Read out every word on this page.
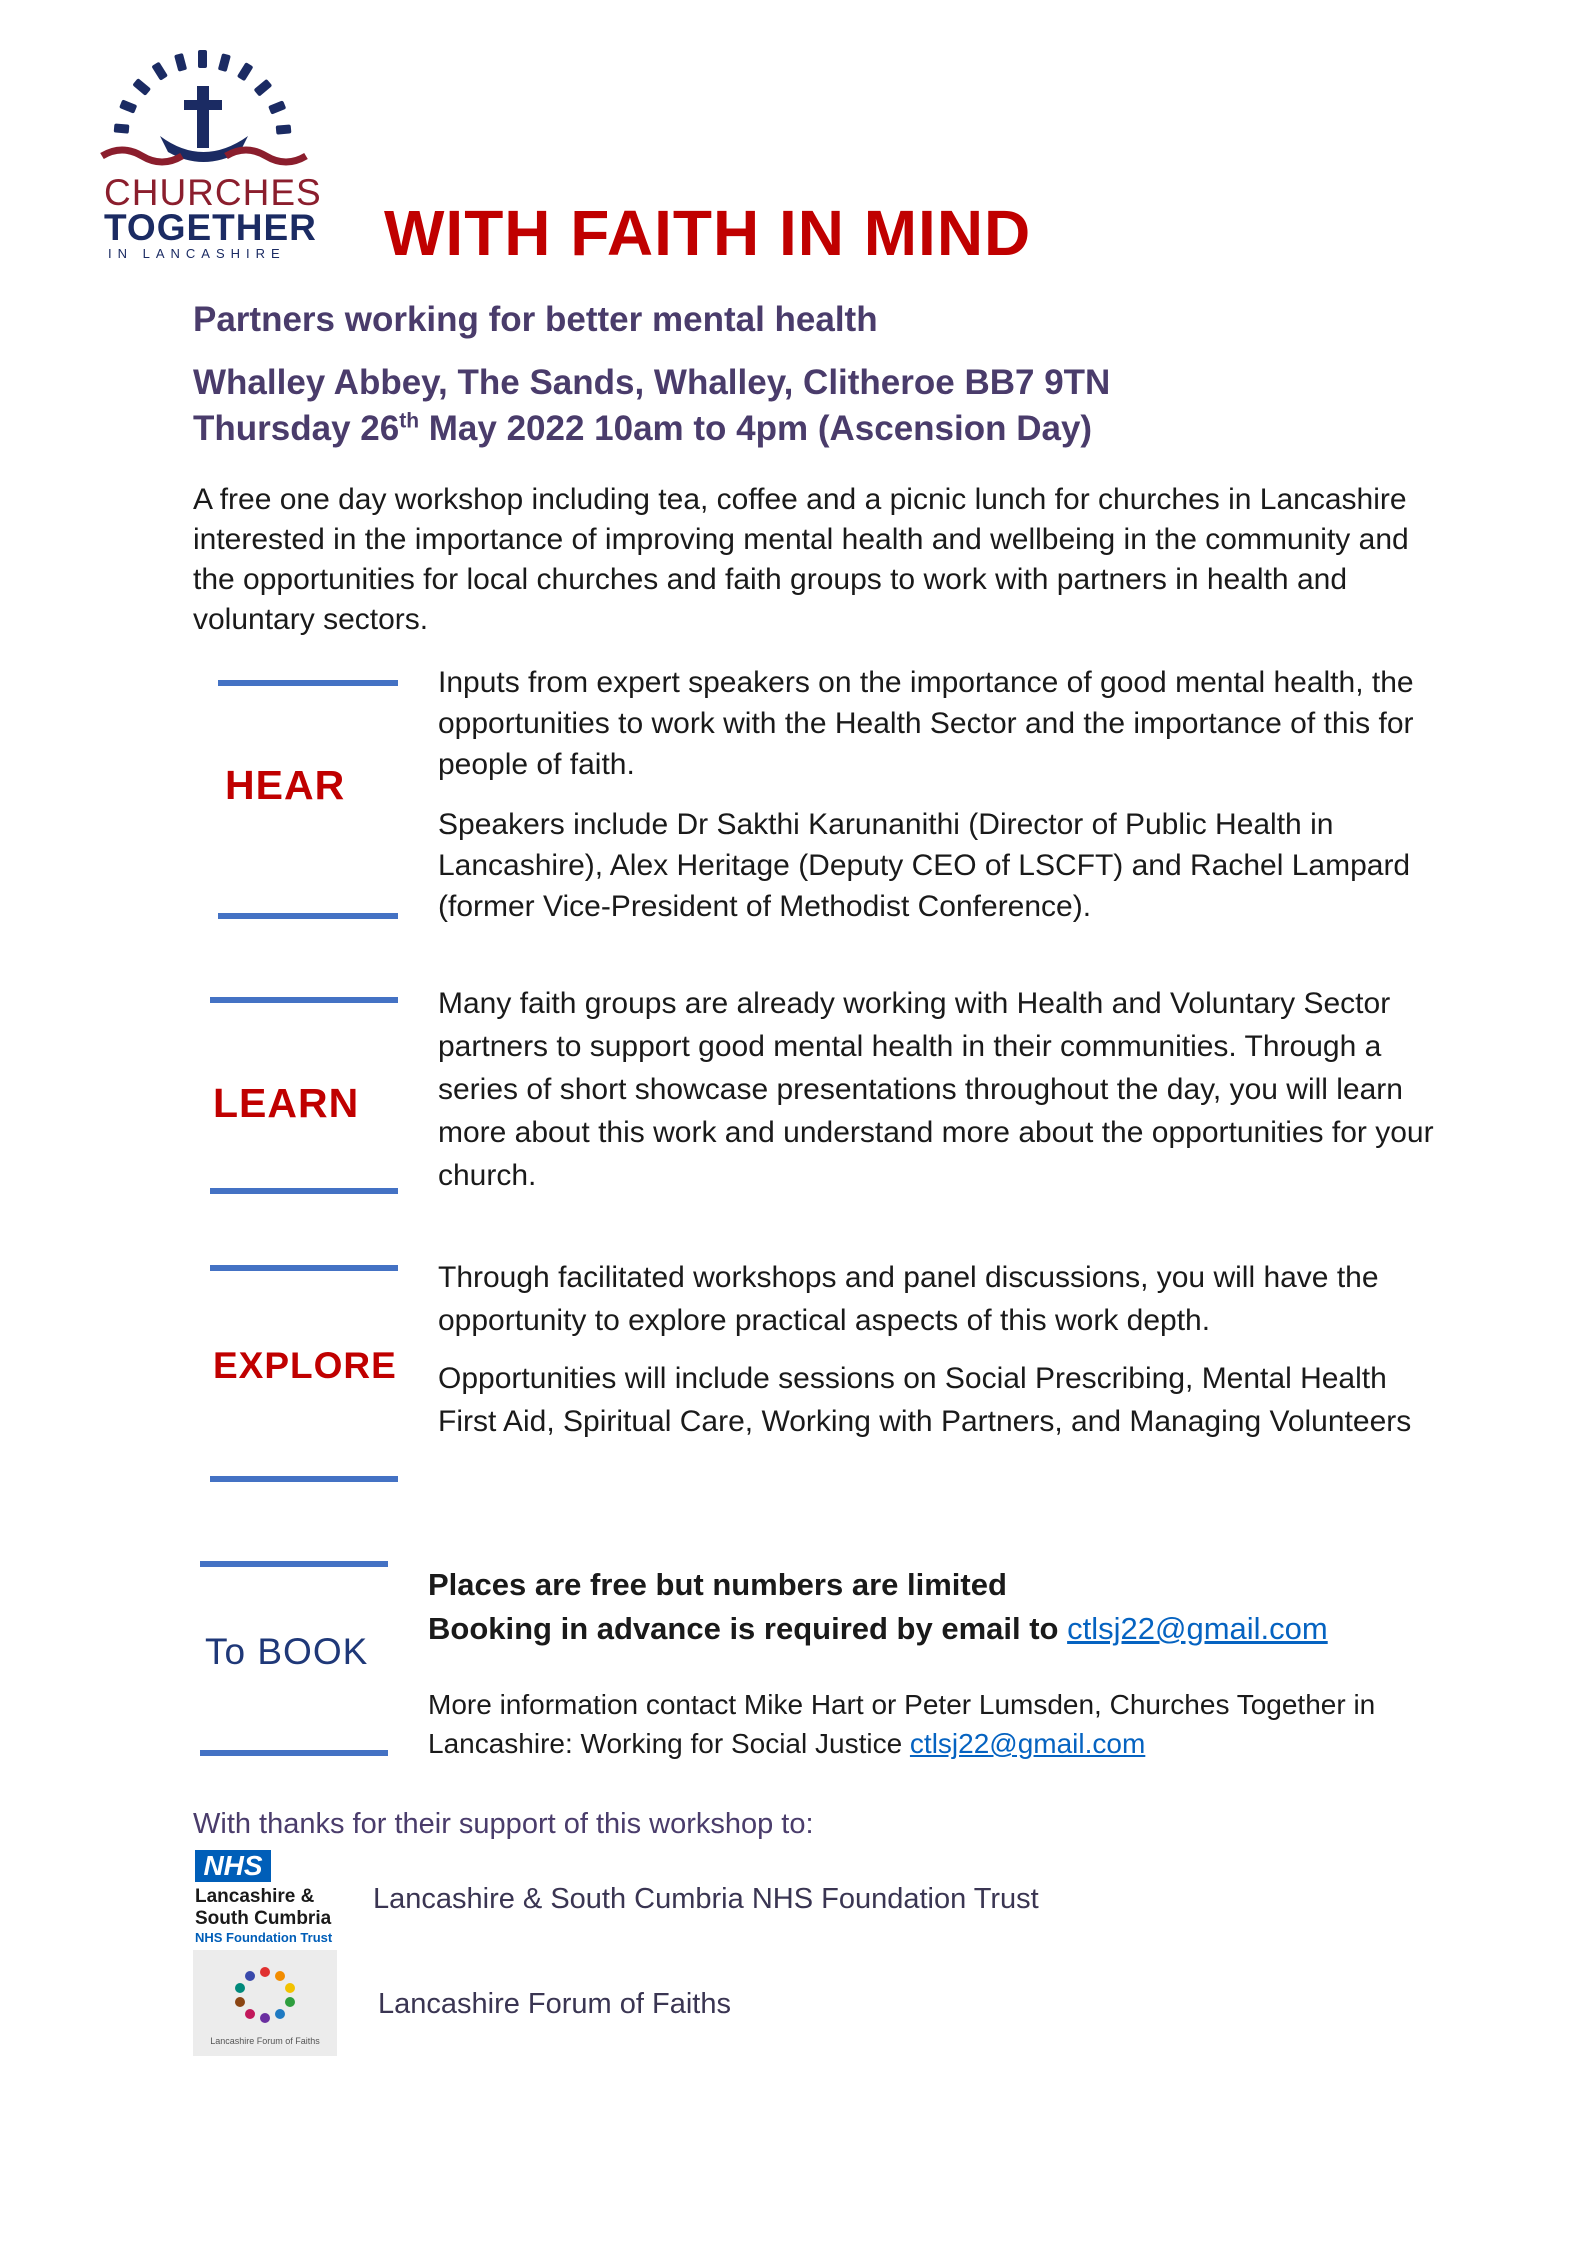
CHURCHES
TOGETHER
IN LANCASHIRE WITH FAITH IN MIND
Partners working for better mental health
Whalley Abbey, The Sands, Whalley, Clitheroe BB7 9TN
Thursday 26th May 2022 10am to 4pm (Ascension Day)
A free one day workshop including tea, coffee and a picnic lunch for churches in Lancashire interested in the importance of improving mental health and wellbeing in the community and the opportunities for local churches and faith groups to work with partners in health and voluntary sectors.
HEAR
Inputs from expert speakers on the importance of good mental health, the opportunities to work with the Health Sector and the importance of this for people of faith.
Speakers include Dr Sakthi Karunanithi (Director of Public Health in Lancashire), Alex Heritage (Deputy CEO of LSCFT) and Rachel Lampard (former Vice-President of Methodist Conference).
LEARN
Many faith groups are already working with Health and Voluntary Sector partners to support good mental health in their communities. Through a series of short showcase presentations throughout the day, you will learn more about this work and understand more about the opportunities for your church.
EXPLORE
Through facilitated workshops and panel discussions, you will have the opportunity to explore practical aspects of this work depth.
Opportunities will include sessions on Social Prescribing, Mental Health First Aid, Spiritual Care, Working with Partners, and Managing Volunteers
To BOOK
Places are free but numbers are limited
Booking in advance is required by email to ctlsj22@gmail.com
More information contact Mike Hart or Peter Lumsden, Churches Together in Lancashire: Working for Social Justice ctlsj22@gmail.com
With thanks for their support of this workshop to:
NHS
Lancashire &
South Cumbria
NHS Foundation Trust
Lancashire & South Cumbria NHS Foundation Trust
Lancashire Forum of Faiths
Lancashire Forum of Faiths
